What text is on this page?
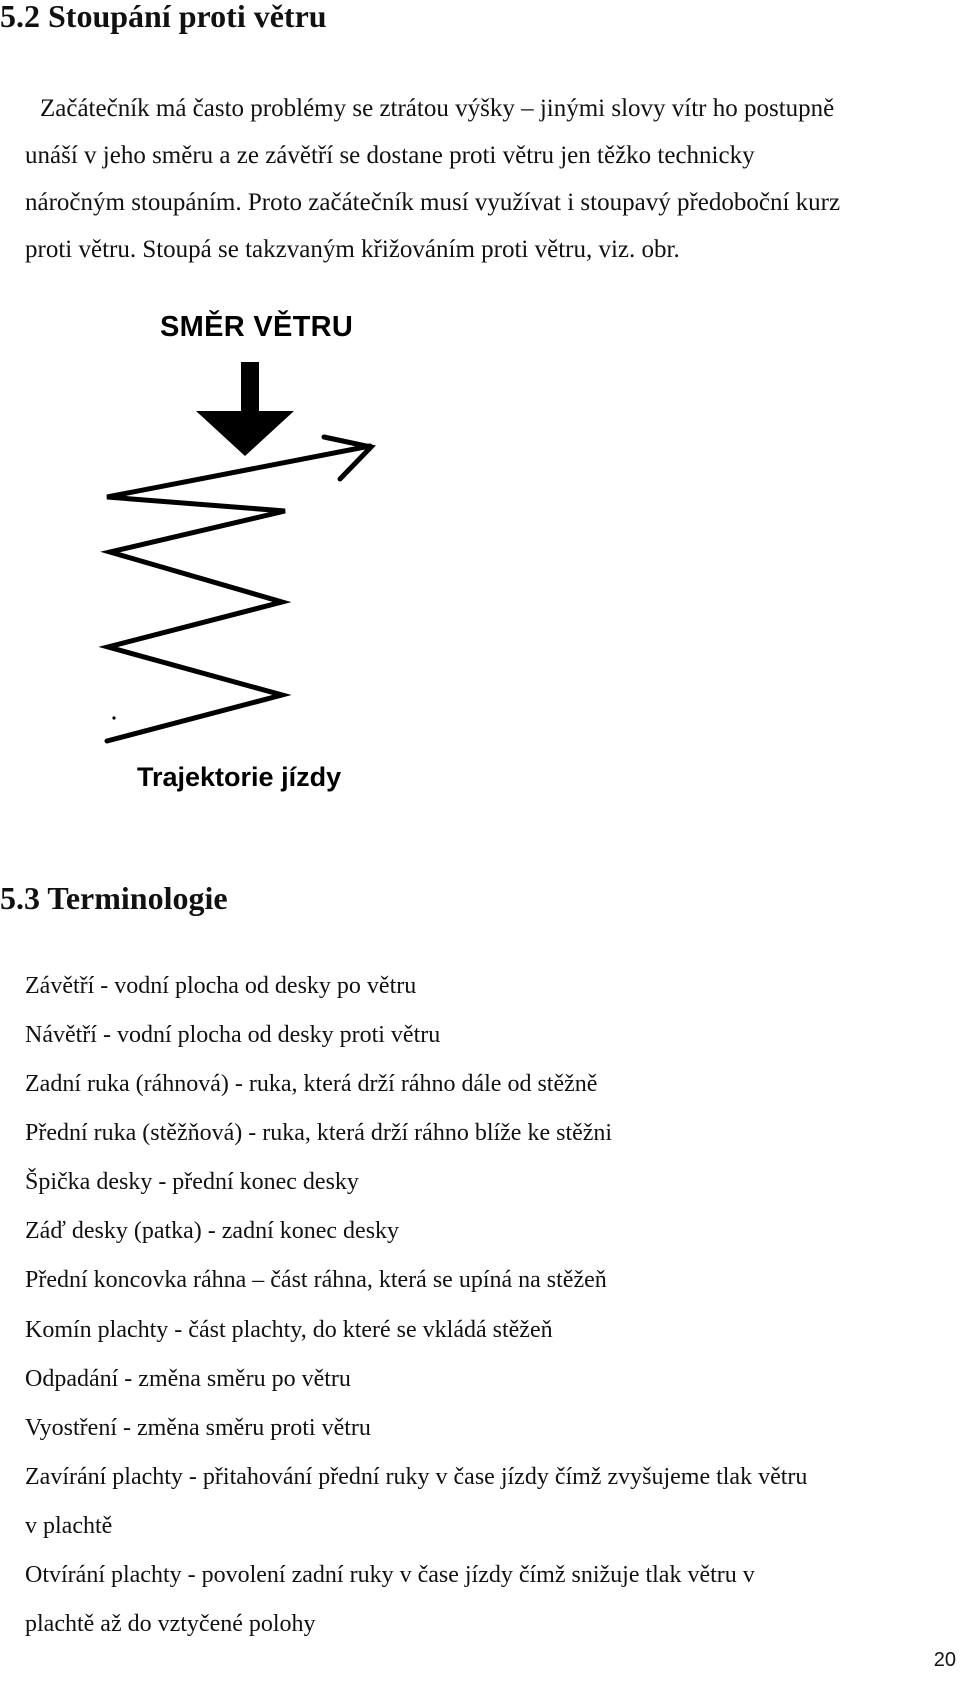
5.2 Stoupání proti větru
Začátečník má často problémy se ztrátou výšky – jinými slovy vítr ho postupně
unáší v jeho směru a ze závětří se dostane proti větru jen těžko technicky
náročným stoupáním. Proto začátečník musí využívat i stoupavý předoboční kurz
proti větru. Stoupá se takzvaným křižováním proti větru, viz. obr.
SMĚR VĚTRU
Trajektorie jízdy
5.3 Terminologie
Závětří - vodní plocha od desky po větru
Návětří - vodní plocha od desky proti větru
Zadní ruka (ráhnová) - ruka, která drží ráhno dále od stěžně
Přední ruka (stěžňová) - ruka, která drží ráhno blíže ke stěžni
Špička desky - přední konec desky
Záď desky (patka) - zadní konec desky
Přední koncovka ráhna – část ráhna, která se upíná na stěžeň
Komín plachty - část plachty, do které se vkládá stěžeň
Odpadání - změna směru po větru
Vyostření - změna směru proti větru
Zavírání plachty - přitahování přední ruky v čase jízdy čímž zvyšujeme tlak větru
v plachtě
Otvírání plachty - povolení zadní ruky v čase jízdy čímž snižuje tlak větru v
plachtě až do vztyčené polohy
20
